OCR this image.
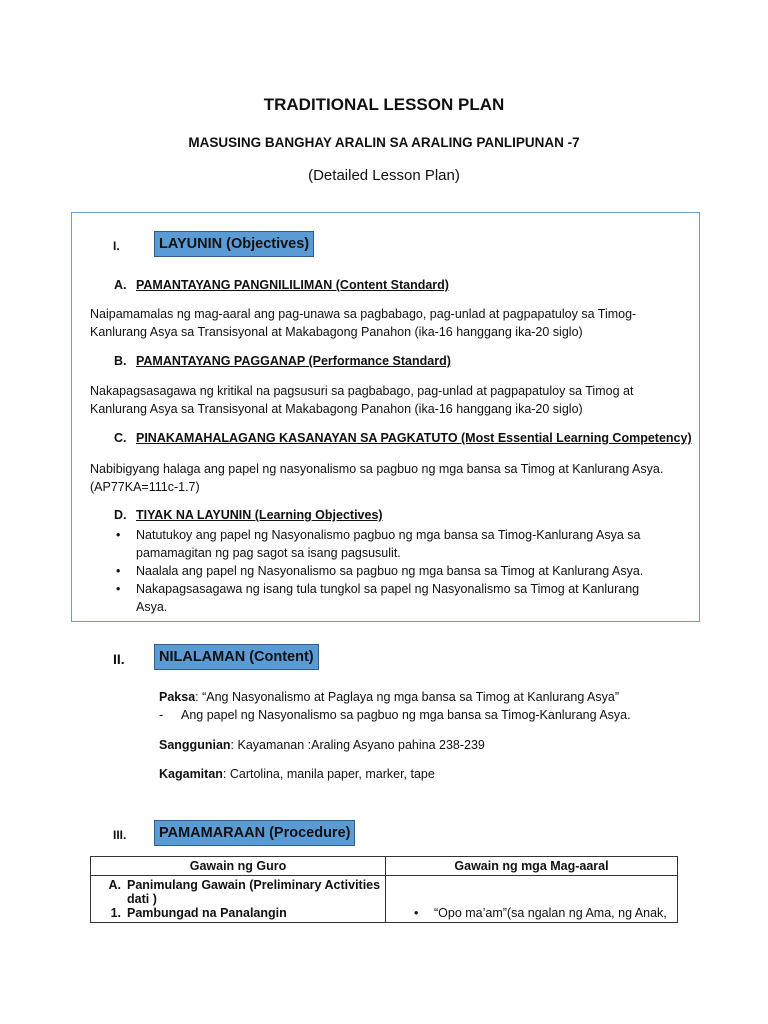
TRADITIONAL LESSON PLAN
MASUSING BANGHAY ARALIN SA ARALING PANLIPUNAN -7
(Detailed Lesson Plan)
I.	LAYUNIN (Objectives)
A. PAMANTAYANG PANGNILILIMAN (Content Standard)
Naipamamalas ng mag-aaral ang pag-unawa sa pagbabago, pag-unlad at pagpapatuloy sa Timog-Kanlurang Asya sa Transisyonal at Makabagong Panahon (ika-16 hanggang ika-20 siglo)
B. PAMANTAYANG PAGGANAP (Performance Standard)
Nakapagsasagawa ng kritikal na pagsusuri sa pagbabago, pag-unlad at pagpapatuloy sa Timog at Kanlurang Asya sa Transisyonal at Makabagong Panahon (ika-16 hanggang ika-20 siglo)
C. PINAKAMAHALAGANG KASANAYAN SA PAGKATUTO (Most Essential Learning Competency)
Nabibigyang halaga ang papel ng nasyonalismo sa pagbuo ng mga bansa sa Timog at Kanlurang Asya. (AP77KA=111c-1.7)
D. TIYAK NA LAYUNIN (Learning Objectives)
•	Natutukoy ang papel ng Nasyonalismo pagbuo ng mga bansa sa Timog-Kanlurang Asya sa pamamagitan ng pag sagot sa isang pagsusulit.
•	Naalala ang papel ng Nasyonalismo sa pagbuo ng mga bansa sa Timog at Kanlurang Asya.
•	Nakapagsasagawa ng isang tula tungkol sa papel ng Nasyonalismo sa Timog at Kanlurang Asya.
II.	NILALAMAN (Content)
Paksa: “Ang Nasyonalismo at Paglaya ng mga bansa sa Timog at Kanlurang Asya”
- Ang papel ng Nasyonalismo sa pagbuo ng mga bansa sa Timog-Kanlurang Asya.
Sanggunian: Kayamanan :Araling Asyano pahina 238-239
Kagamitan: Cartolina, manila paper, marker, tape
III.	PAMAMARAAN (Procedure)
Gawain ng Guro	Gawain ng mga Mag-aaral

A. Panimulang Gawain (Preliminary Activities dati )
1. Pambungad na Panalangin	• “Opo ma’am”(sa ngalan ng Ama, ng Anak,
